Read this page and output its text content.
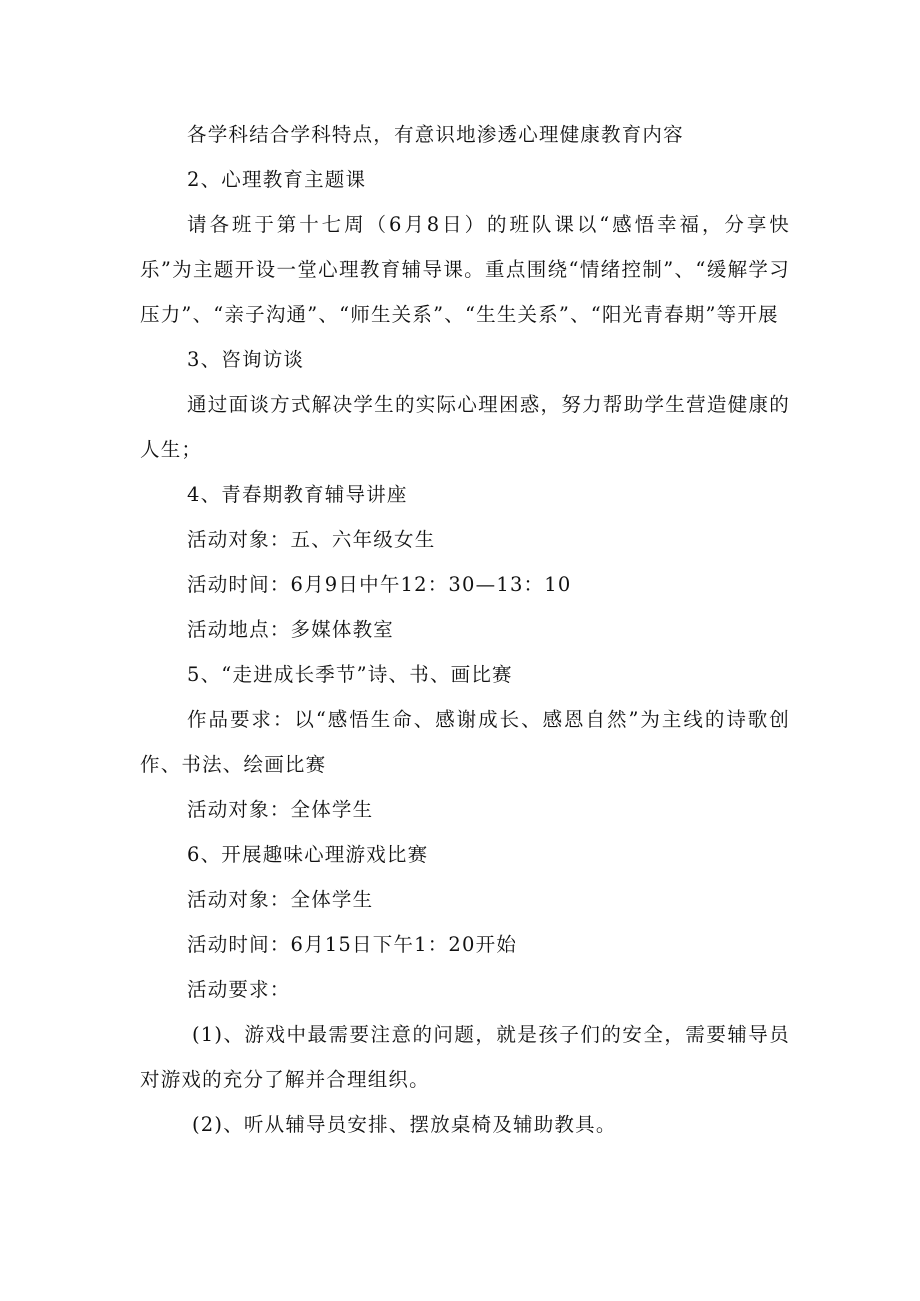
各学科结合学科特点，有意识地渗透心理健康教育内容

2、心理教育主题课

请各班于第十七周（6月8日）的班队课以“感悟幸福，分享快乐”为主题开设一堂心理教育辅导课。重点围绕“情绪控制”、“缓解学习压力”、“亲子沟通”、“师生关系”、“生生关系”、“阳光青春期”等开展

3、咨询访谈

通过面谈方式解决学生的实际心理困惑，努力帮助学生营造健康的人生；

4、青春期教育辅导讲座

活动对象：五、六年级女生

活动时间：6月9日中午12：30—13：10

活动地点：多媒体教室

5、“走进成长季节”诗、书、画比赛

作品要求：以“感悟生命、感谢成长、感恩自然”为主线的诗歌创作、书法、绘画比赛

活动对象：全体学生

6、开展趣味心理游戏比赛

活动对象：全体学生

活动时间：6月15日下午1：20开始

活动要求：

(1)、游戏中最需要注意的问题，就是孩子们的安全，需要辅导员对游戏的充分了解并合理组织。

(2)、听从辅导员安排、摆放桌椅及辅助教具。
